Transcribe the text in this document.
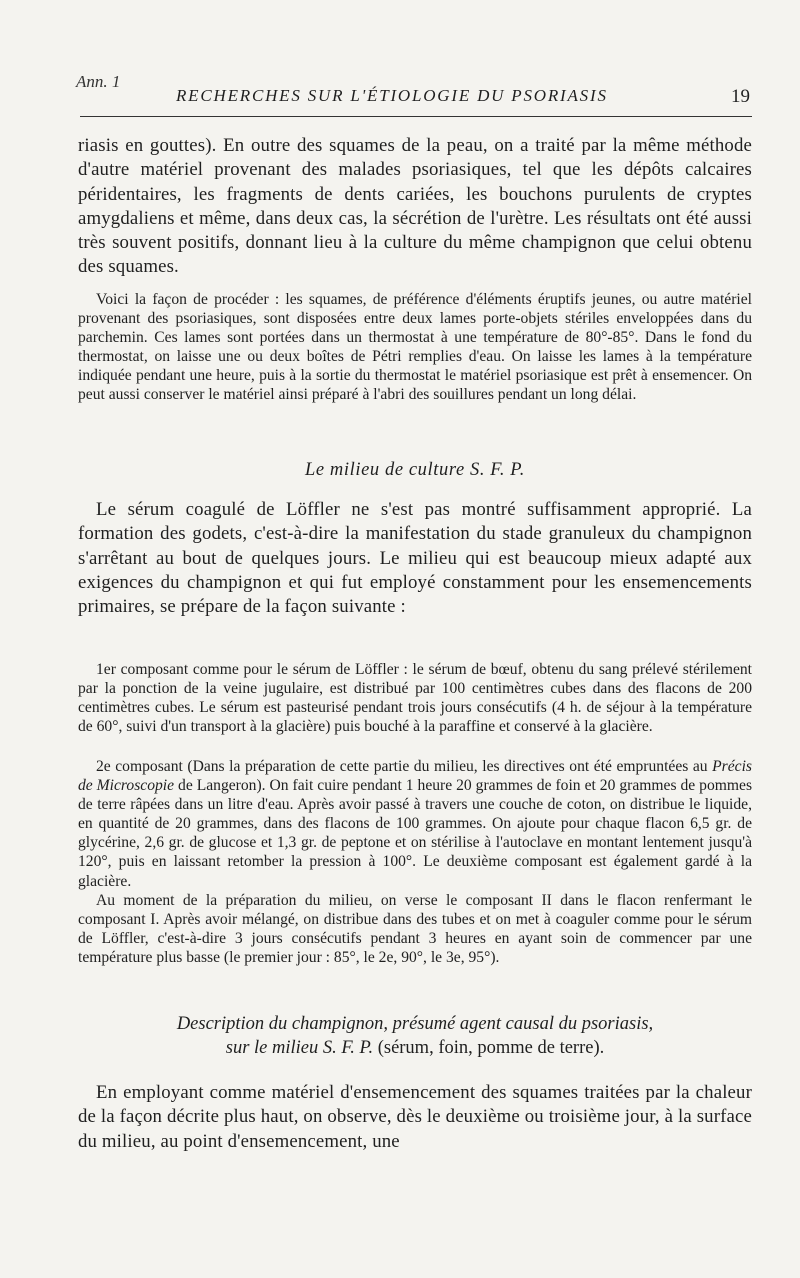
Ann. 1
RECHERCHES SUR L'ÉTIOLOGIE DU PSORIASIS	19

riasis en gouttes). En outre des squames de la peau, on a traité par la même méthode d'autre matériel provenant des malades psoriasiques, tel que les dépôts calcaires péridentaires, les fragments de dents cariées, les bouchons purulents de cryptes amygdaliens et même, dans deux cas, la sécrétion de l'urètre. Les résultats ont été aussi très souvent positifs, donnant lieu à la culture du même champignon que celui obtenu des squames.

Voici la façon de procéder : les squames, de préférence d'éléments éruptifs jeunes, ou autre matériel provenant des psoriasiques, sont disposées entre deux lames porte-objets stériles enveloppées dans du parchemin. Ces lames sont portées dans un thermostat à une température de 80°-85°. Dans le fond du thermostat, on laisse une ou deux boîtes de Pétri remplies d'eau. On laisse les lames à la température indiquée pendant une heure, puis à la sortie du thermostat le matériel psoriasique est prêt à ensemencer. On peut aussi conserver le matériel ainsi préparé à l'abri des souillures pendant un long délai.

Le milieu de culture S. F. P.

Le sérum coagulé de Löffler ne s'est pas montré suffisamment approprié. La formation des godets, c'est-à-dire la manifestation du stade granuleux du champignon s'arrêtant au bout de quelques jours. Le milieu qui est beaucoup mieux adapté aux exigences du champignon et qui fut employé constamment pour les ensemencements primaires, se prépare de la façon suivante :

1er composant comme pour le sérum de Löffler : le sérum de bœuf, obtenu du sang prélevé stérilement par la ponction de la veine jugulaire, est distribué par 100 centimètres cubes dans des flacons de 200 centimètres cubes. Le sérum est pasteurisé pendant trois jours consécutifs (4 h. de séjour à la température de 60°, suivi d'un transport à la glacière) puis bouché à la paraffine et conservé à la glacière.

2e composant (Dans la préparation de cette partie du milieu, les directives ont été empruntées au Précis de Microscopie de Langeron). On fait cuire pendant 1 heure 20 grammes de foin et 20 grammes de pommes de terre râpées dans un litre d'eau. Après avoir passé à travers une couche de coton, on distribue le liquide, en quantité de 20 grammes, dans des flacons de 100 grammes. On ajoute pour chaque flacon 6,5 gr. de glycérine, 2,6 gr. de glucose et 1,3 gr. de peptone et on stérilise à l'autoclave en montant lentement jusqu'à 120°, puis en laissant retomber la pression à 100°. Le deuxième composant est également gardé à la glacière.

Au moment de la préparation du milieu, on verse le composant II dans le flacon renfermant le composant I. Après avoir mélangé, on distribue dans des tubes et on met à coaguler comme pour le sérum de Löffler, c'est-à-dire 3 jours consécutifs pendant 3 heures en ayant soin de commencer par une température plus basse (le premier jour : 85°, le 2e, 90°, le 3e, 95°).

Description du champignon, présumé agent causal du psoriasis,
sur le milieu S. F. P. (sérum, foin, pomme de terre).

En employant comme matériel d'ensemencement des squames traitées par la chaleur de la façon décrite plus haut, on observe, dès le deuxième ou troisième jour, à la surface du milieu, au point d'ensemencement, une
